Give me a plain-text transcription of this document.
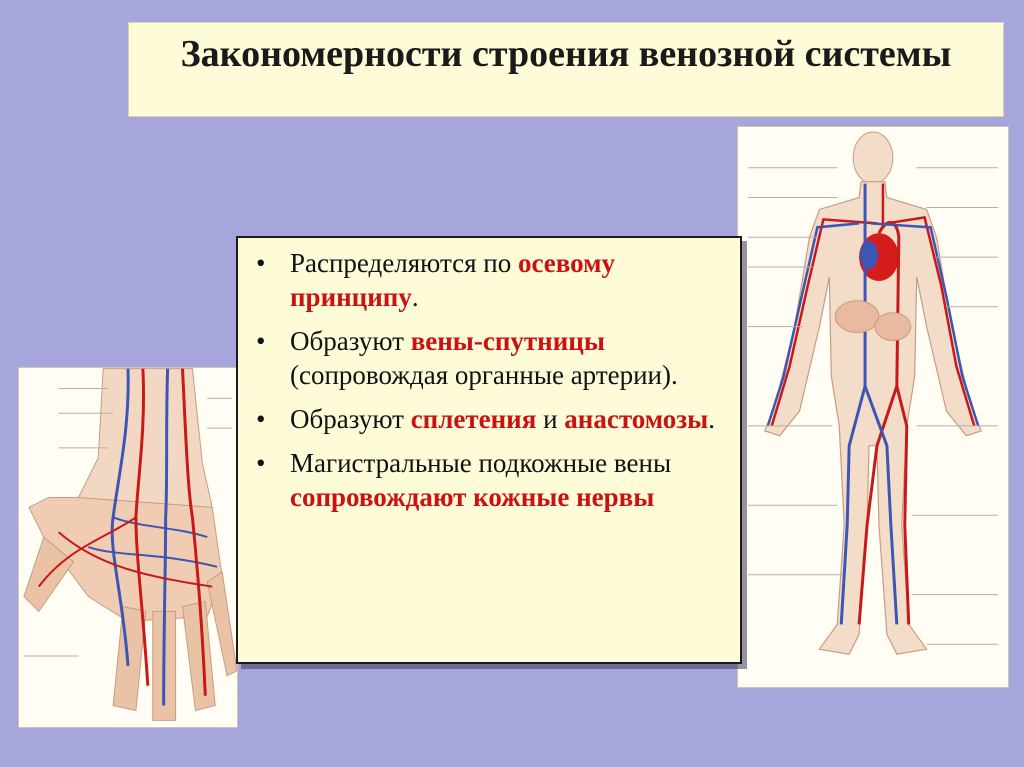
Закономерности строения венозной системы
• Распределяются по осевому принципу.
• Образуют вены-спутницы (сопровождая органные артерии).
• Образуют сплетения и анастомозы.
• Магистральные подкожные вены сопровождают кожные нервы
